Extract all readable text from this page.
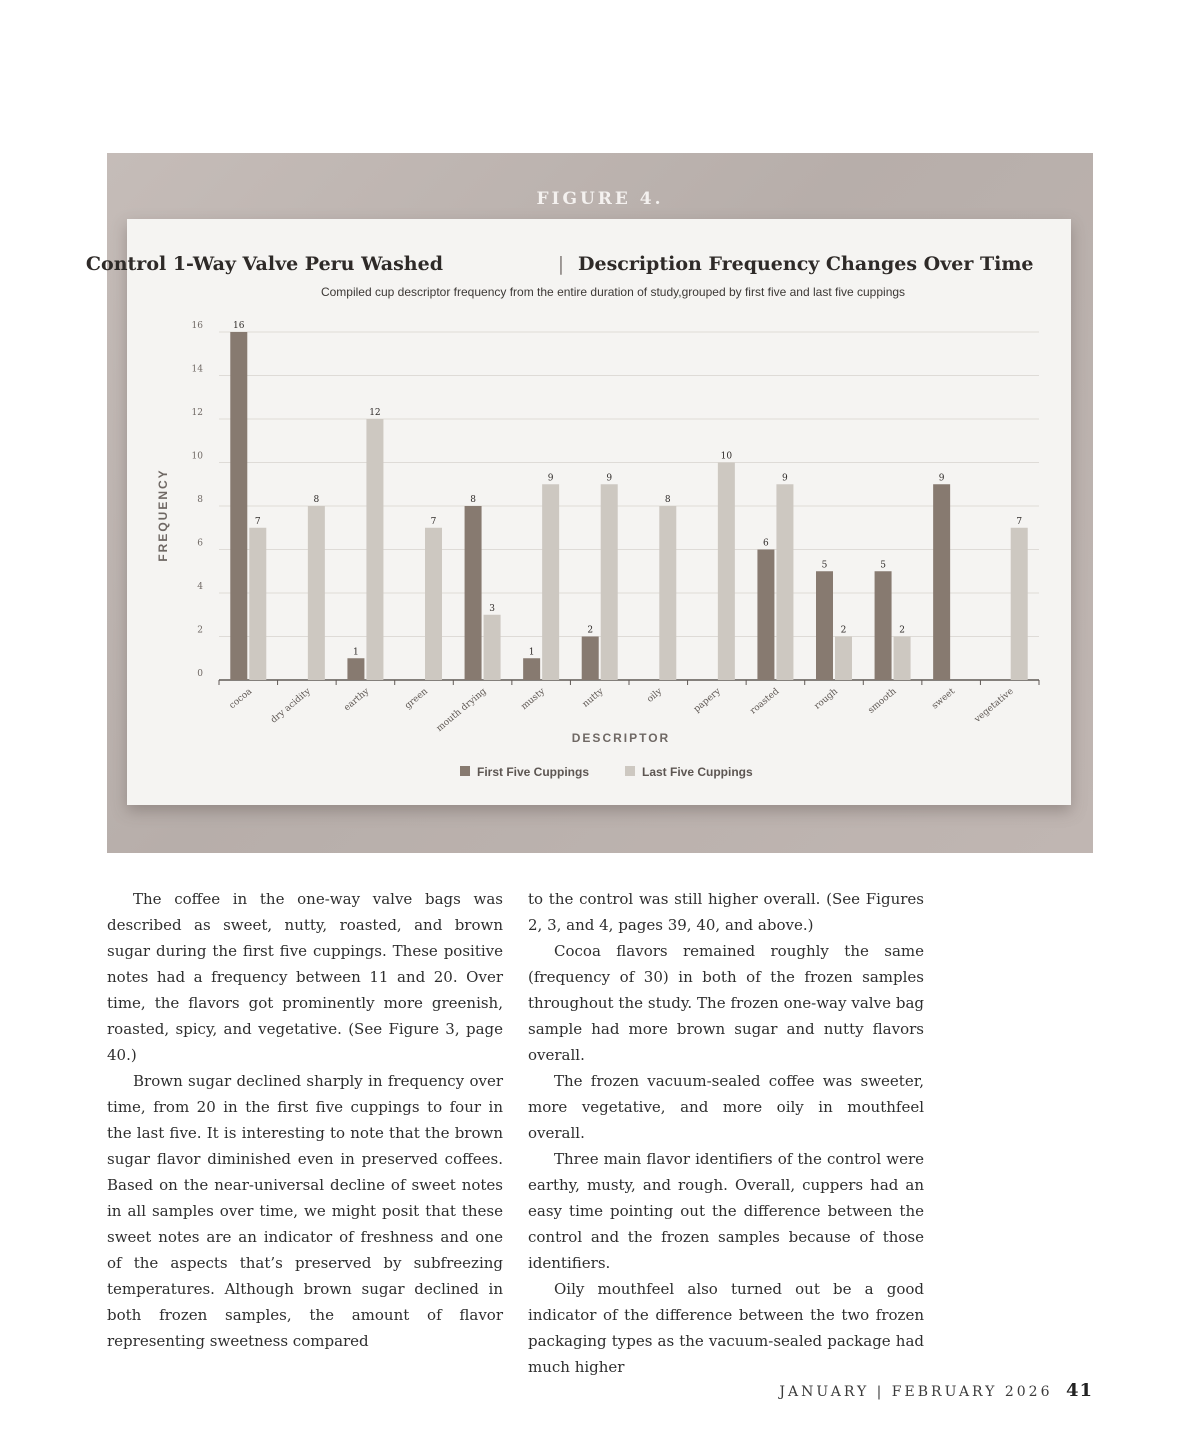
FIGURE 4.
Control 1-Way Valve Peru Washed	| Description Frequency Changes Over Time
Compiled cup descriptor frequency from the entire duration of study,grouped by first five and last five cuppings
FREQUENCY
DESCRIPTOR
0
2
4
6
8
10
12
14
16
cocoa
16
7
dry acidity
8
earthy
1
12
green
7
mouth drying
8
3
musty
1
9
nutty
2
9
oily
8
papery
10
roasted
6
9
rough
5
2
smooth
5
2
sweet
9
vegetative
7
First Five Cuppings	Last Five Cuppings

The coffee in the one-way valve bags was described as sweet, nutty, roasted, and brown sugar during the first five cuppings. These positive notes had a frequency between 11 and 20. Over time, the flavors got prominently more greenish, roasted, spicy, and vegetative. (See Figure 3, page 40.)

Brown sugar declined sharply in frequency over time, from 20 in the first five cuppings to four in the last five. It is interesting to note that the brown sugar flavor diminished even in preserved coffees. Based on the near-universal decline of sweet notes in all samples over time, we might posit that these sweet notes are an indicator of freshness and one of the aspects that’s preserved by subfreezing temperatures. Although brown sugar declined in both frozen samples, the amount of flavor representing sweetness compared

to the control was still higher overall. (See Figures 2, 3, and 4, pages 39, 40, and above.)

Cocoa flavors remained roughly the same (frequency of 30) in both of the frozen samples throughout the study. The frozen one-way valve bag sample had more brown sugar and nutty flavors overall.

The frozen vacuum-sealed coffee was sweeter, more vegetative, and more oily in mouthfeel overall.

Three main flavor identifiers of the control were earthy, musty, and rough. Overall, cuppers had an easy time pointing out the difference between the control and the frozen samples because of those identifiers.

Oily mouthfeel also turned out be a good indicator of the difference between the two frozen packaging types as the vacuum-sealed package had much higher

JANUARY | FEBRUARY 2026 41
